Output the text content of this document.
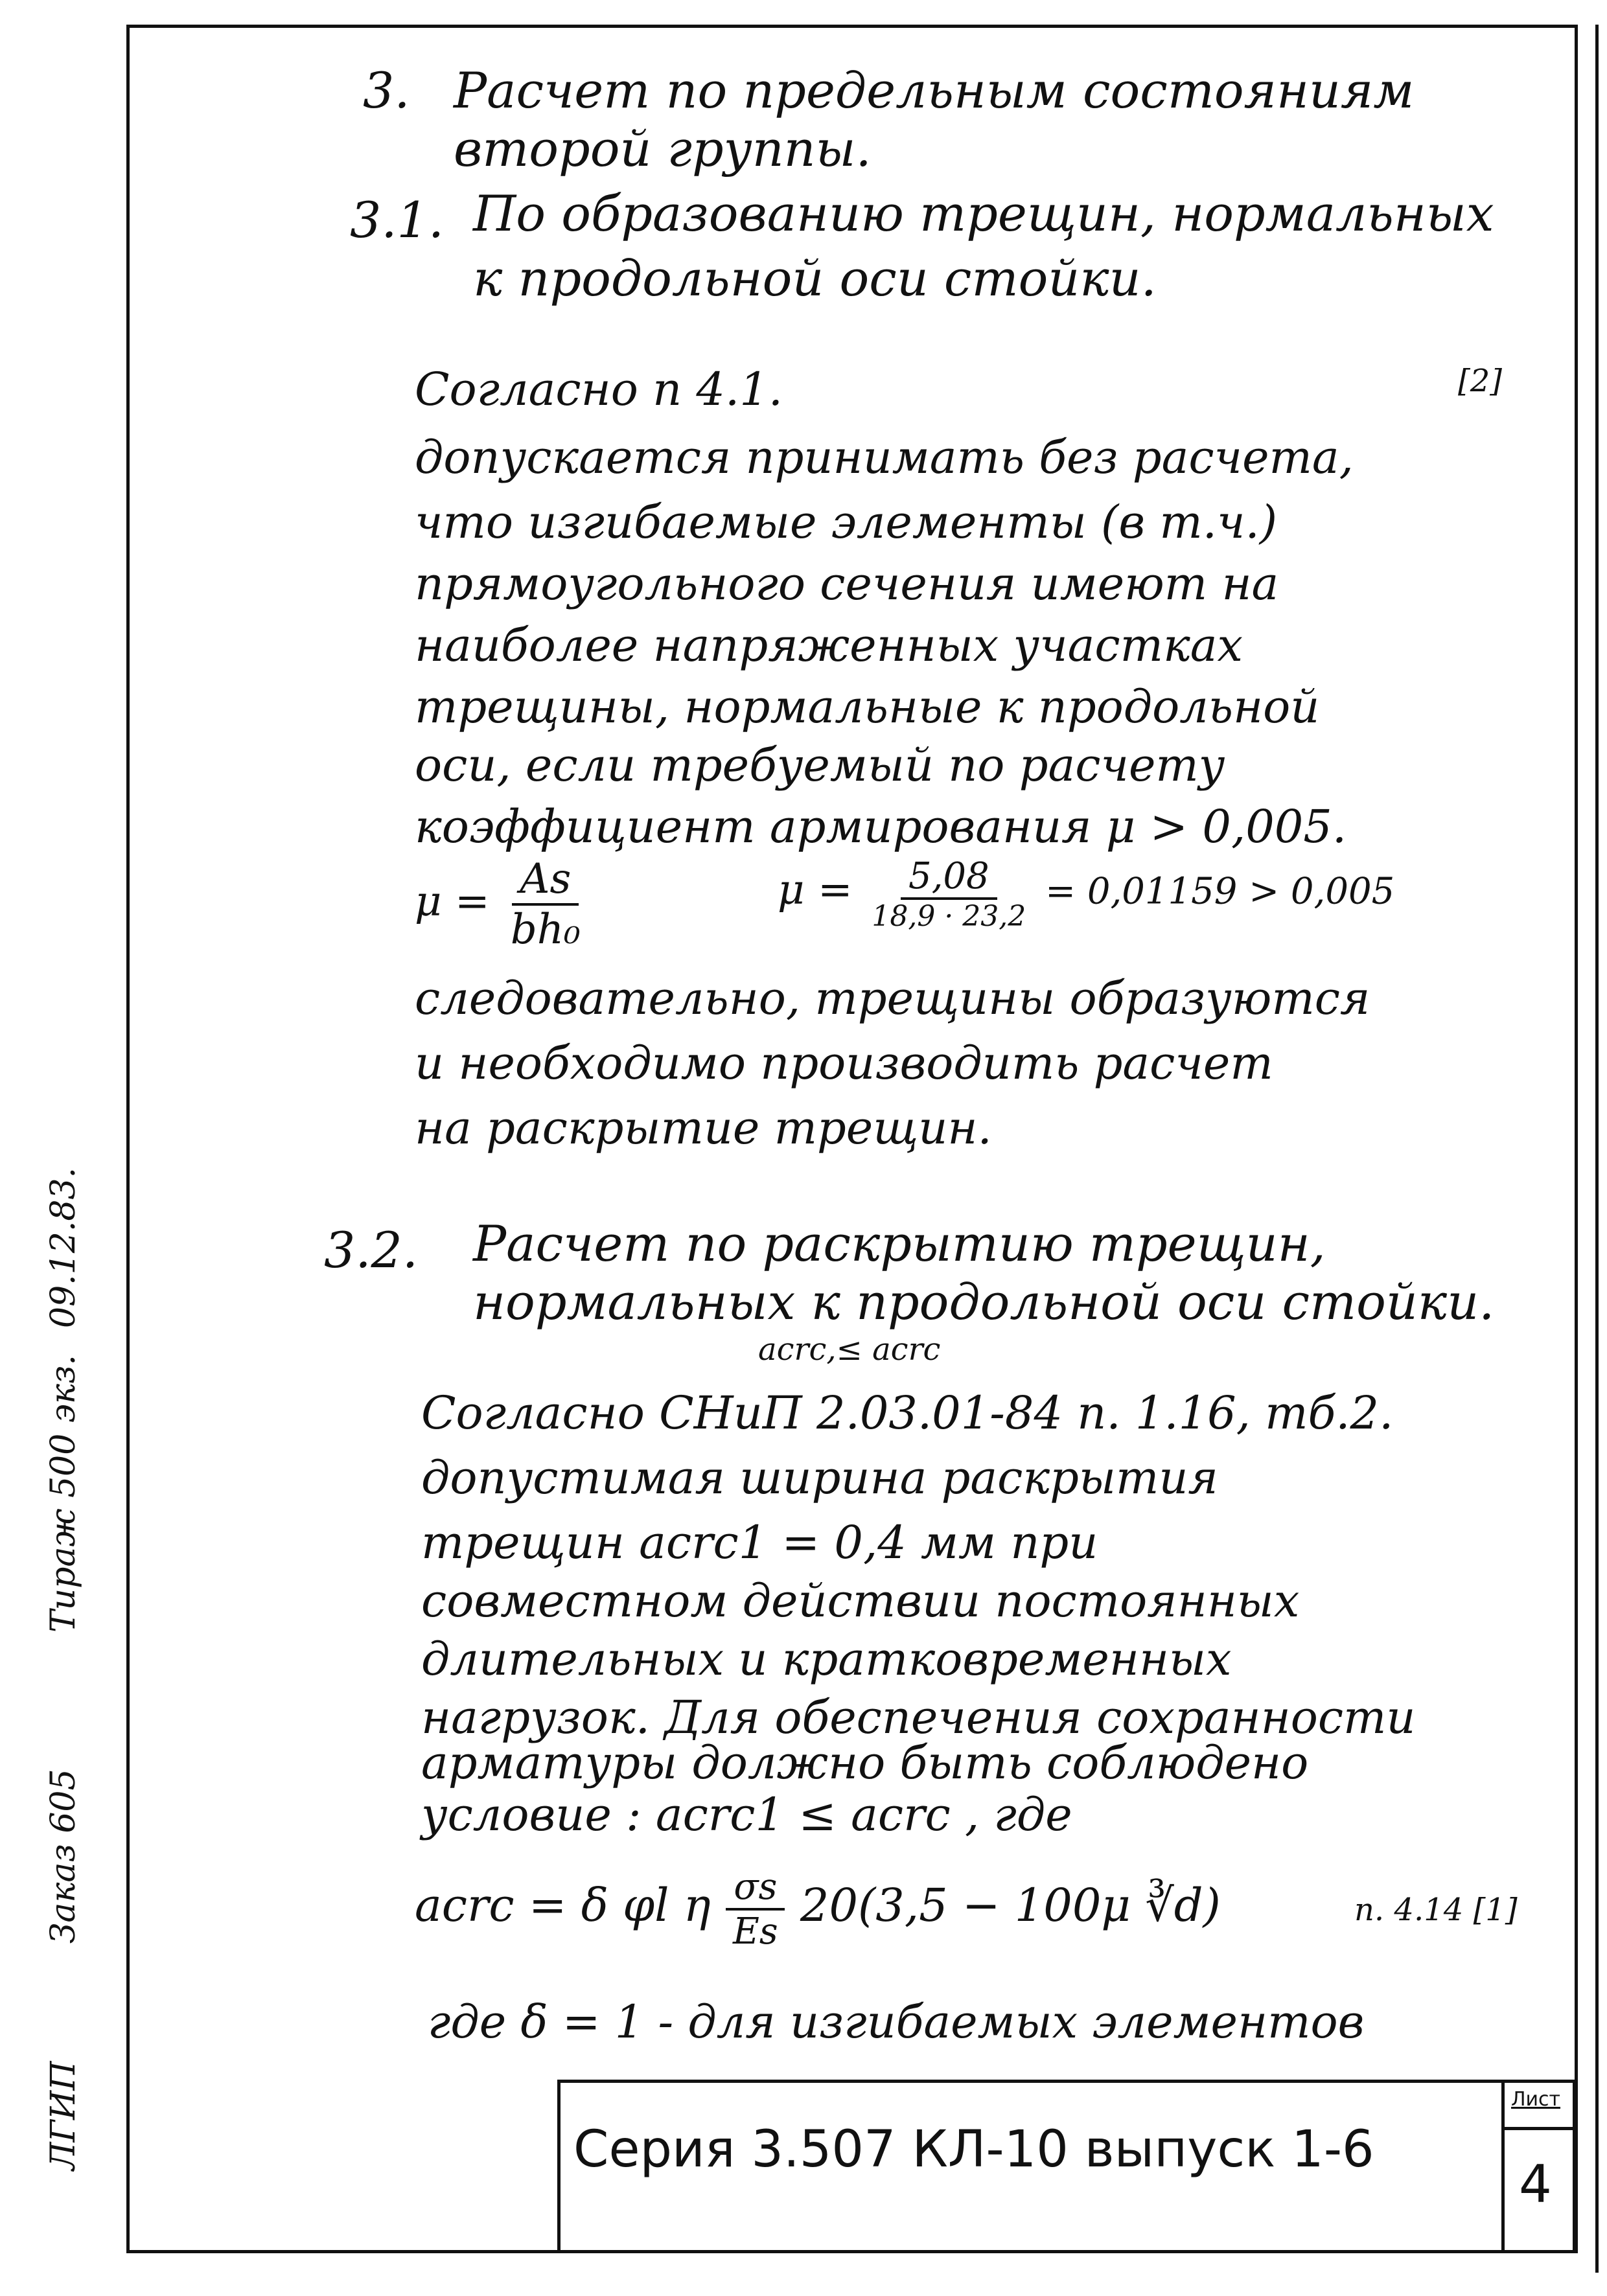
ЛГИП
Заказ 605
Тираж 500 экз.
09.12.83.
3. Расчет по предельным состояниям
второй группы.
3.1. По образованию трещин, нормальных
к продольной оси стойки.
Согласно п 4.1.	[2]
допускается принимать без расчета,
что изгибаемые элементы (в т.ч.)
прямоугольного сечения имеют на
наиболее напряженных участках
трещины, нормальные к продольной
оси, если требуемый по расчету
коэффициент армирования μ > 0,005.
$\mu = \frac{As}{\text{bh₀}}$	$\mu = \frac{5,08}{18,9 \cdot 23,2} = 0,01159 > 0,005$
следовательно, трещины образуются
и необходимо производить расчет
на раскрытие трещин.
3.2. Расчет по раскрытию трещин,
нормальных к продольной оси стойки.
acrc,≤ acrc
Согласно СНиП 2.03.01-84 п. 1.16, тб.2.
допустимая ширина раскрытия
трещин acrc1 = 0,4 мм при
совместном действии постоянных
длительных и кратковременных
нагрузок. Для обеспечения сохранности
арматуры должно быть соблюдено
условие : acrc1 ≤ acrc , где
acrc = δ φl η $\frac{\sigma s}{Es} 20(3,5 - 100\mu$ ∛d)	п. 4.14 [1]
где δ = 1 - для изгибаемых элементов
Серия 3.507 КЛ-10 выпуск 1-6
Лист
4
